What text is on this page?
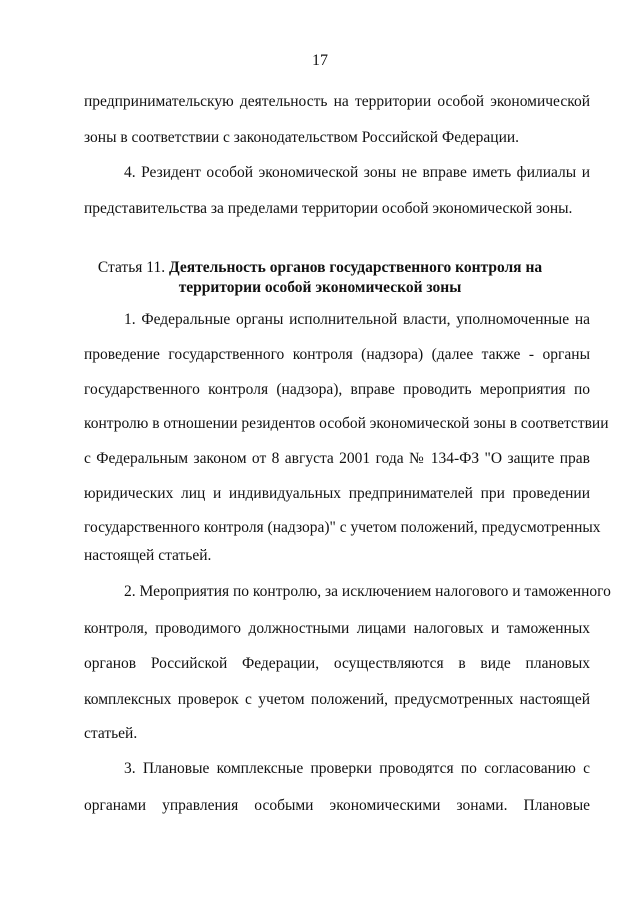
17
предпринимательскую деятельность на территории особой экономической
зоны в соответствии с законодательством Российской Федерации.
4. Резидент особой экономической зоны не вправе иметь филиалы и
представительства за пределами территории особой экономической зоны.
Статья 11. Деятельность органов государственного контроля на
территории особой экономической зоны
1. Федеральные органы исполнительной власти, уполномоченные на
проведение государственного контроля (надзора) (далее также - органы
государственного контроля (надзора), вправе проводить мероприятия по
контролю в отношении резидентов особой экономической зоны в соответствии
с Федеральным законом от 8 августа 2001 года № 134-ФЗ "О защите прав
юридических лиц и индивидуальных предпринимателей при проведении
государственного контроля (надзора)" с учетом положений, предусмотренных
настоящей статьей.
2. Мероприятия по контролю, за исключением налогового и таможенного
контроля, проводимого должностными лицами налоговых и таможенных
органов Российской Федерации, осуществляются в виде плановых
комплексных проверок с учетом положений, предусмотренных настоящей
статьей.
3. Плановые комплексные проверки проводятся по согласованию с
органами управления особыми экономическими зонами. Плановые
